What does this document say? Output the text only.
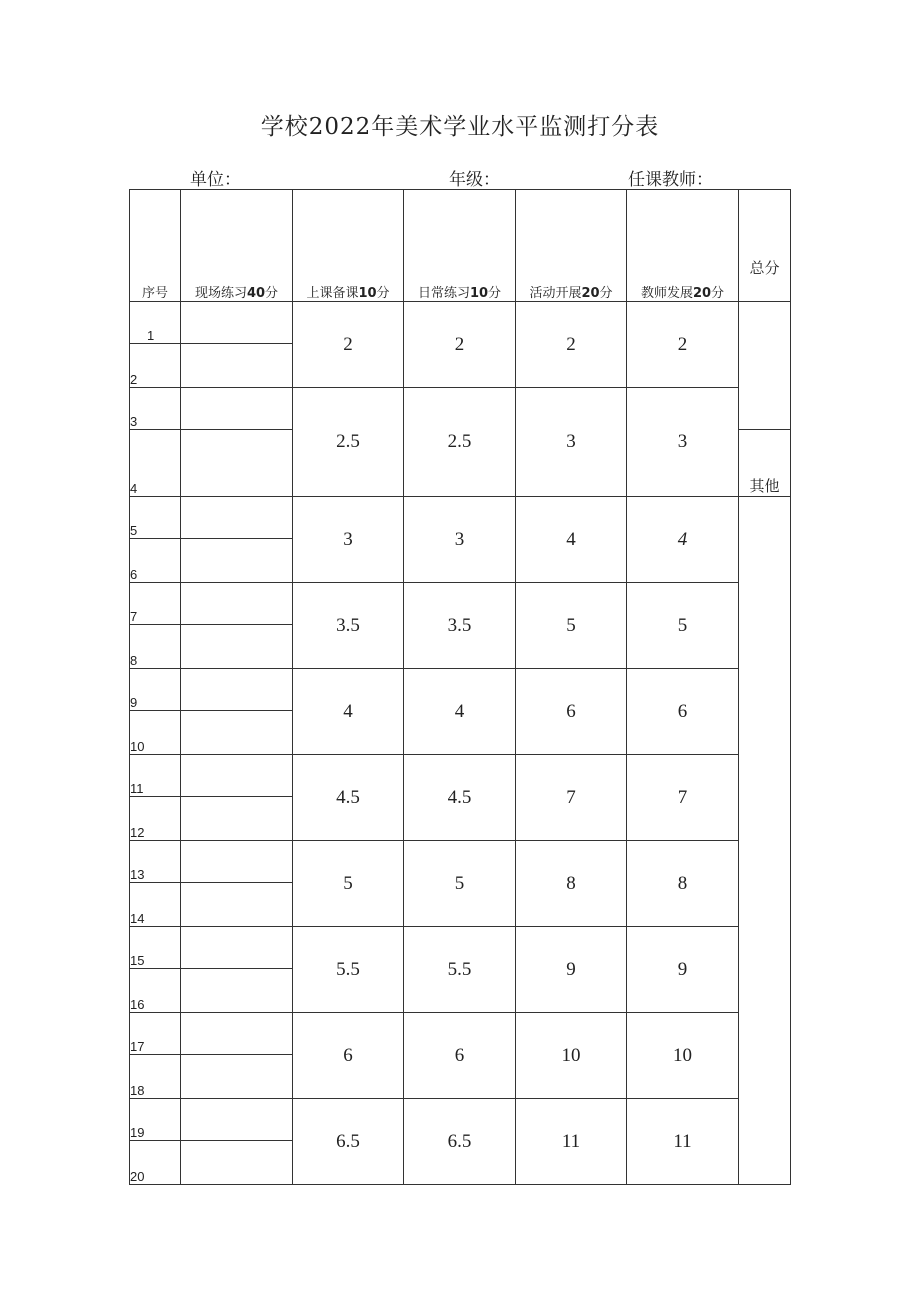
学校2022年美术学业水平监测打分表
单位：	年级：	任课教师：
序号	现场练习40分	上课备课10分	日常练习10分	活动开展20分	教师发展20分	总分
1		2	2	2	2	
2						
3		2.5	2.5	3	3	
4						其他
5		3	3	4	4	
6						
7		3.5	3.5	5	5	
8						
9		4	4	6	6	
10						
11		4.5	4.5	7	7	
12						
13		5	5	8	8	
14						
15		5.5	5.5	9	9	
16						
17		6	6	10	10	
18						
19		6.5	6.5	11	11	
20						
